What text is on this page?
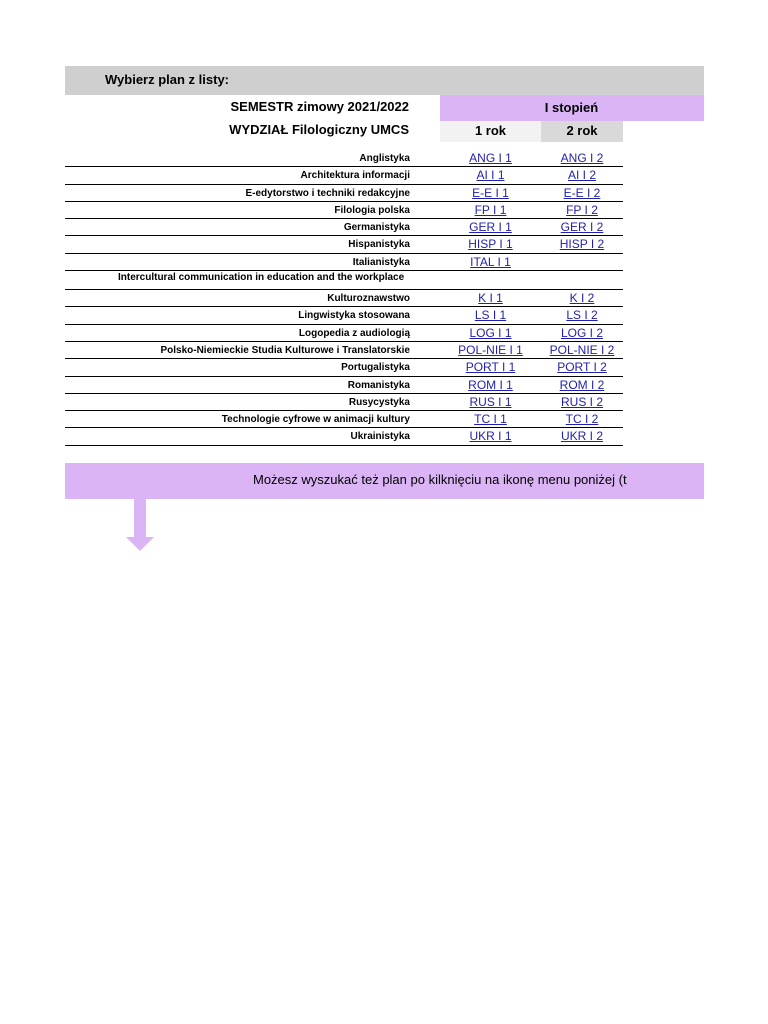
Wybierz plan z listy:
SEMESTR zimowy 2021/2022
WYDZIAŁ Filologiczny UMCS
I stopień
1 rok	2 rok
Anglistyka	ANG I 1	ANG I 2
Architektura informacji	AI I 1	AI I 2
E-edytorstwo i techniki redakcyjne	E-E I 1	E-E I 2
Filologia polska	FP I 1	FP I 2
Germanistyka	GER I 1	GER I 2
Hispanistyka	HISP I 1	HISP I 2
Italianistyka	ITAL I 1
Intercultural communication in education and the workplace
Kulturoznawstwo	K I 1	K I 2
Lingwistyka stosowana	LS I 1	LS I 2
Logopedia z audiologią	LOG I 1	LOG I 2
Polsko-Niemieckie Studia Kulturowe i Translatorskie	POL-NIE I 1	POL-NIE I 2
Portugalistyka	PORT I 1	PORT I 2
Romanistyka	ROM I 1	ROM I 2
Rusycystyka	RUS I 1	RUS I 2
Technologie cyfrowe w animacji kultury	TC I 1	TC I 2
Ukrainistyka	UKR I 1	UKR I 2
Możesz wyszukać też plan po kilknięciu na ikonę menu poniżej (t
